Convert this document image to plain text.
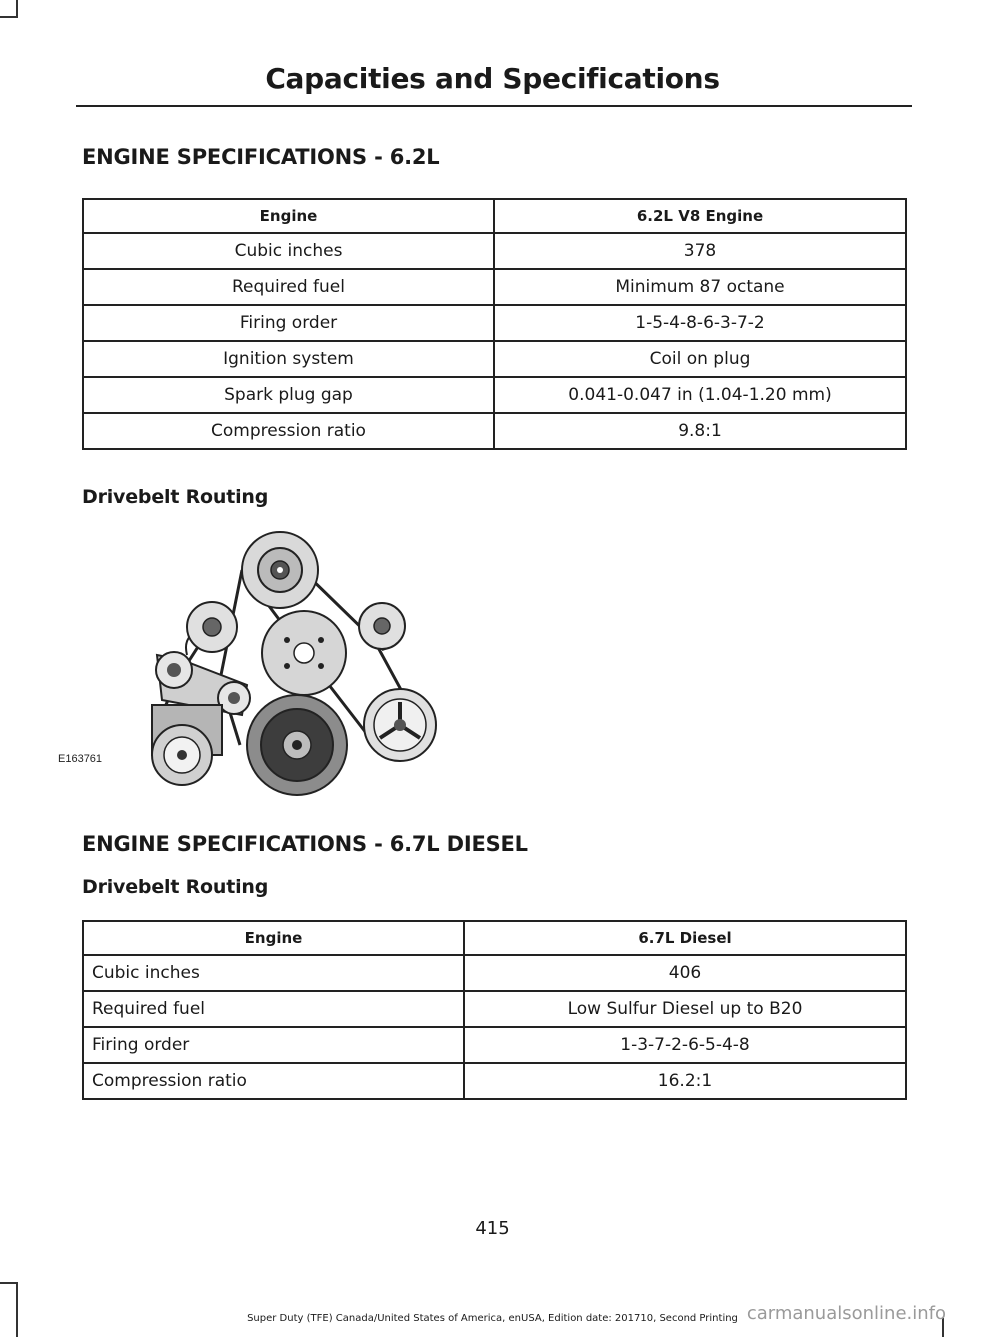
Capacities and Specifications
ENGINE SPECIFICATIONS - 6.2L
Engine	6.2L V8 Engine
Cubic inches	378
Required fuel	Minimum 87 octane
Firing order	1-5-4-8-6-3-7-2
Ignition system	Coil on plug
Spark plug gap	0.041-0.047 in (1.04-1.20 mm)
Compression ratio	9.8:1
Drivebelt Routing
E163761
ENGINE SPECIFICATIONS - 6.7L DIESEL
Drivebelt Routing
Engine	6.7L Diesel
Cubic inches	406
Required fuel	Low Sulfur Diesel up to B20
Firing order	1-3-7-2-6-5-4-8
Compression ratio	16.2:1
415
Super Duty (TFE) Canada/United States of America, enUSA, Edition date: 201710, Second Printing carmanualsonline.info
